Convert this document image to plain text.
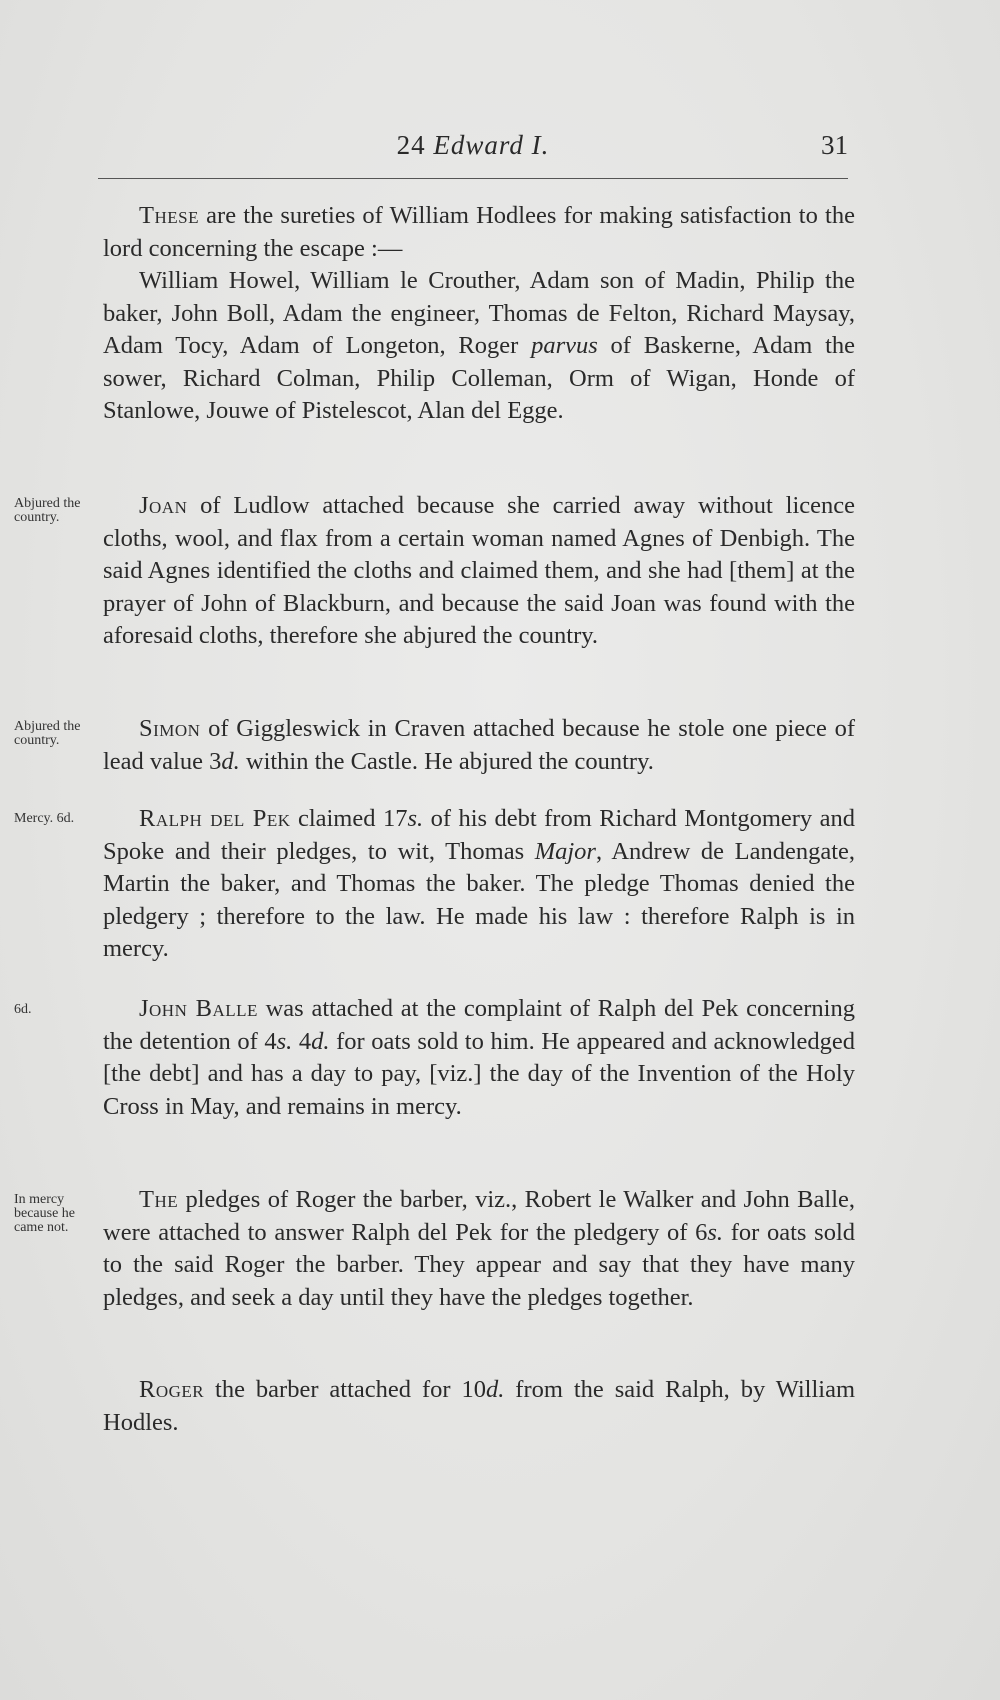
24 Edward I.	31

These are the sureties of William Hodlees for making satisfaction to the lord concerning the escape :—

William Howel, William le Crouther, Adam son of Madin, Philip the baker, John Boll, Adam the engineer, Thomas de Felton, Richard Maysay, Adam Tocy, Adam of Longeton, Roger parvus of Baskerne, Adam the sower, Richard Colman, Philip Colleman, Orm of Wigan, Honde of Stanlowe, Jouwe of Pistelescot, Alan del Egge.

Abjured the country.	Joan of Ludlow attached because she carried away without licence cloths, wool, and flax from a certain woman named Agnes of Denbigh. The said Agnes identified the cloths and claimed them, and she had [them] at the prayer of John of Blackburn, and because the said Joan was found with the aforesaid cloths, therefore she abjured the country.

Abjured the country.	Simon of Giggleswick in Craven attached because he stole one piece of lead value 3d. within the Castle. He abjured the country.

Mercy. 6d.	Ralph del Pek claimed 17s. of his debt from Richard Montgomery and Spoke and their pledges, to wit, Thomas Major, Andrew de Landengate, Martin the baker, and Thomas the baker. The pledge Thomas denied the pledgery ; therefore to the law. He made his law : therefore Ralph is in mercy.

6d.	John Balle was attached at the complaint of Ralph del Pek concerning the detention of 4s. 4d. for oats sold to him. He appeared and acknowledged [the debt] and has a day to pay, [viz.] the day of the Invention of the Holy Cross in May, and remains in mercy.

In mercy because he came not.

The pledges of Roger the barber, viz., Robert le Walker and John Balle, were attached to answer Ralph del Pek for the pledgery of 6s. for oats sold to the said Roger the barber. They appear and say that they have many pledges, and seek a day until they have the pledges together.

Roger the barber attached for 10d. from the said Ralph, by William Hodles.
